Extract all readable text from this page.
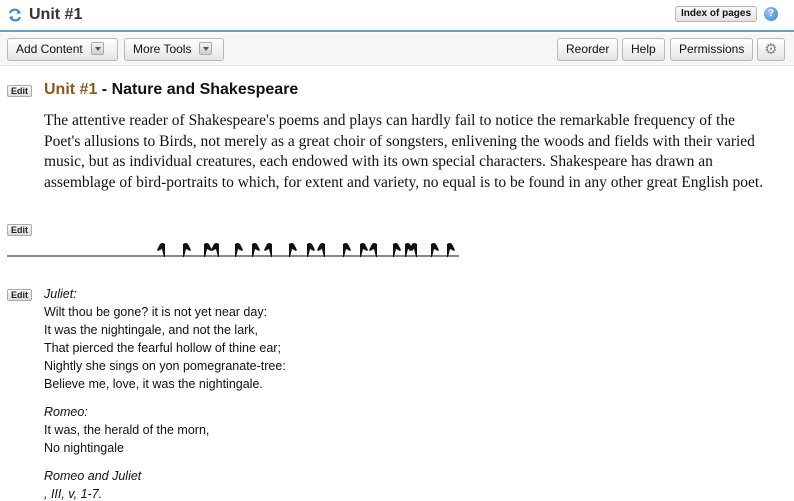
Unit #1	Index of pages	?
Add Content	More Tools	Reorder	Help	Permissions	⚙
Edit Unit #1 - Nature and Shakespeare
The attentive reader of Shakespeare's poems and plays can hardly fail to notice the remarkable frequency of the Poet's allusions to Birds, not merely as a great choir of songsters, enlivening the woods and fields with their varied music, but as individual creatures, each endowed with its own special characters. Shakespeare has drawn an assemblage of bird-portraits to which, for extent and variety, no equal is to be found in any other great English poet.
Edit
Edit	Juliet:
Wilt thou be gone? it is not yet near day:
It was the nightingale, and not the lark,
That pierced the fearful hollow of thine ear;
Nightly she sings on yon pomegranate-tree:
Believe me, love, it was the nightingale.
Romeo:
It was, the herald of the morn,
No nightingale
Romeo and Juliet
, III, v, 1-7.
